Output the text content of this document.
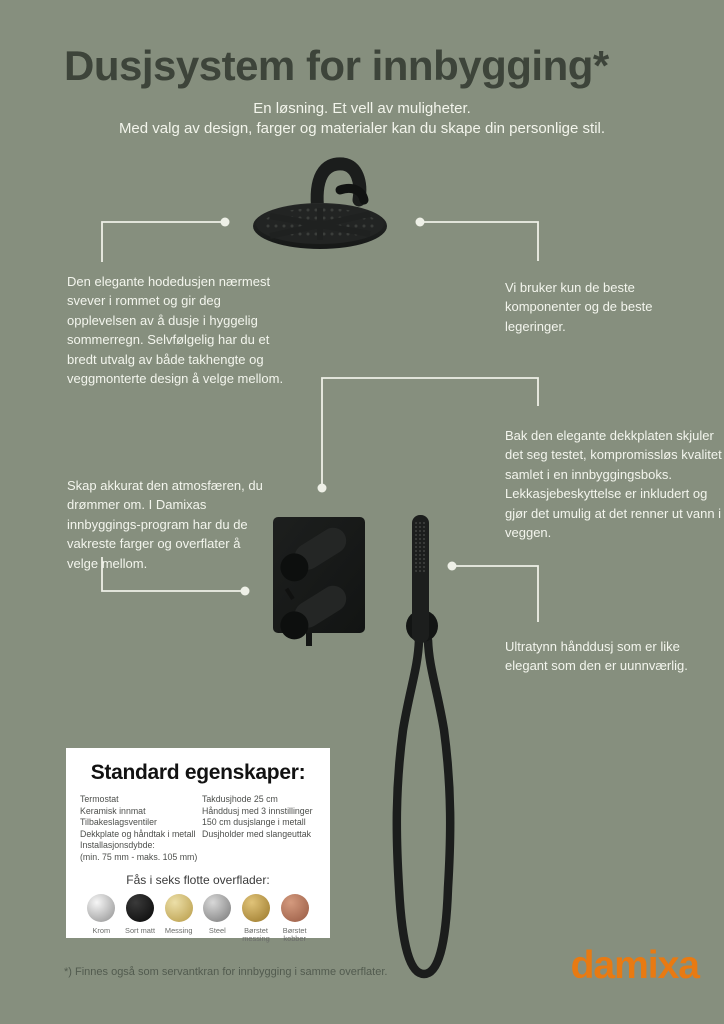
Dusjsystem for innbygging*
En løsning. Et vell av muligheter.
Med valg av design, farger og materialer kan du skape din personlige stil.
Den elegante hodedusjen nærmest svever i rommet og gir deg opplevelsen av å dusje i hyggelig sommerregn. Selvfølgelig har du et bredt utvalg av både takhengte og veggmonterte design å velge mellom.
Vi bruker kun de beste komponenter og de beste legeringer.
Bak den elegante dekkplaten skjuler det seg testet, kompromissløs kvalitet samlet i en innbyggingsboks. Lekkasjebeskyttelse er inkludert og gjør det umulig at det renner ut vann i veggen.
Skap akkurat den atmosfæren, du drømmer om. I Damixas innbyggings-program har du de vakreste farger og overflater å velge mellom.
Ultratynn hånddusj som er like elegant som den er uunnværlig.
Standard egenskaper:
Termostat
Keramisk innmat
Tilbakeslagsventiler
Dekkplate og håndtak i metall
Installasjonsdybde:
(min. 75 mm - maks. 105 mm)
Takdusjhode 25 cm
Hånddusj med 3 innstillinger
150 cm dusjslange i metall
Dusjholder med slangeuttak
Fås i seks flotte overflader:
Krom	Sort matt	Messing	Steel	Børstet messing
Børstet kobber
*) Finnes også som servantkran for innbygging i samme overflater.	damixa
